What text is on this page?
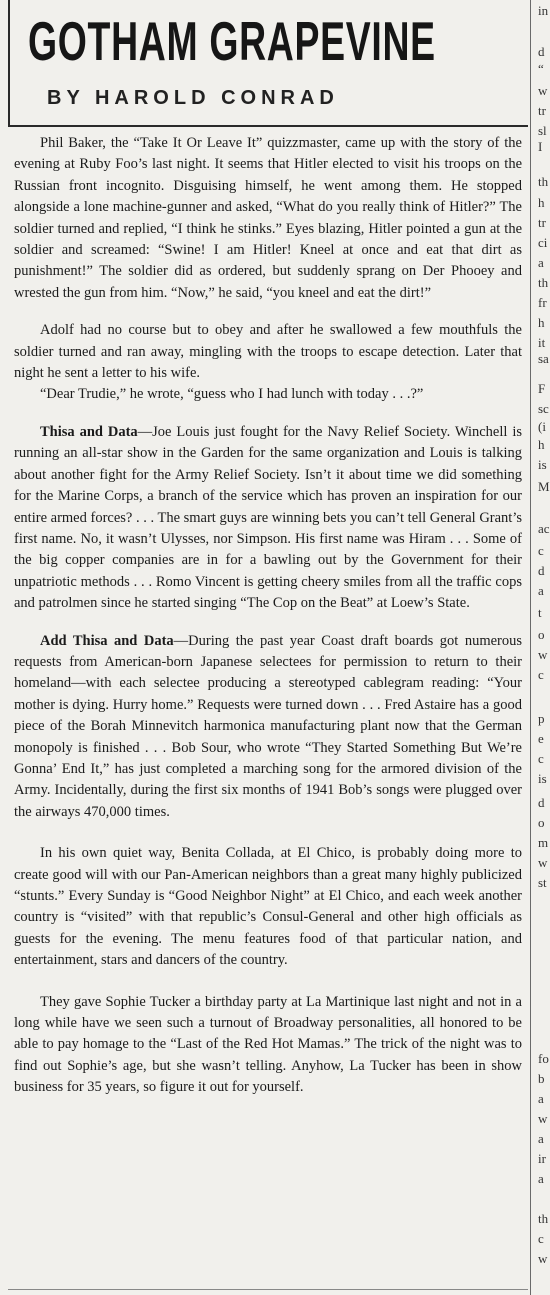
GOTHAM GRAPEVINE
BY HAROLD CONRAD

Phil Baker, the “Take It Or Leave It” quizzmaster, came up with the story of the evening at Ruby Foo’s last night. It seems that Hitler elected to visit his troops on the Russian front incognito. Disguising himself, he went among them. He stopped alongside a lone machine-gunner and asked, “What do you really think of Hitler?” The soldier turned and replied, “I think he stinks.” Eyes blazing, Hitler pointed a gun at the soldier and screamed: “Swine! I am Hitler! Kneel at once and eat that dirt as punishment!” The soldier did as ordered, but suddenly sprang on Der Phooey and wrested the gun from him. “Now,” he said, “you kneel and eat the dirt!”

Adolf had no course but to obey and after he swallowed a few mouthfuls the soldier turned and ran away, mingling with the troops to escape detection. Later that night he sent a letter to his wife.

“Dear Trudie,” he wrote, “guess who I had lunch with today . . .?”

Thisa and Data—Joe Louis just fought for the Navy Relief Society. Winchell is running an all-star show in the Garden for the same organization and Louis is talking about another fight for the Army Relief Society. Isn’t it about time we did something for the Marine Corps, a branch of the service which has proven an inspiration for our entire armed forces? . . . The smart guys are winning bets you can’t tell General Grant’s first name. No, it wasn’t Ulysses, nor Simpson. His first name was Hiram . . . Some of the big copper companies are in for a bawling out by the Government for their unpatriotic methods . . . Romo Vincent is getting cheery smiles from all the traffic cops and patrolmen since he started singing “The Cop on the Beat” at Loew’s State.

Add Thisa and Data—During the past year Coast draft boards got numerous requests from American-born Japanese selectees for permission to return to their homeland—with each selectee producing a stereotyped cablegram reading: “Your mother is dying. Hurry home.” Requests were turned down . . . Fred Astaire has a good piece of the Borah Minnevitch harmonica manufacturing plant now that the German monopoly is finished . . . Bob Sour, who wrote “They Started Something But We’re Gonna’ End It,” has just completed a marching song for the armored division of the Army. Incidentally, during the first six months of 1941 Bob’s songs were plugged over the airways 470,000 times.

In his own quiet way, Benita Collada, at El Chico, is probably doing more to create good will with our Pan-American neighbors than a great many highly publicized “stunts.” Every Sunday is “Good Neighbor Night” at El Chico, and each week another country is “visited” with that republic’s Consul-General and other high officials as guests for the evening. The menu features food of that particular nation, and entertainment, stars and dancers of the country.

They gave Sophie Tucker a birthday party at La Martinique last night and not in a long while have we seen such a turnout of Broadway personalities, all honored to be able to pay homage to the “Last of the Red Hot Mamas.” The trick of the night was to find out Sophie’s age, but she wasn’t telling. Anyhow, La Tucker has been in show business for 35 years, so figure it out for yourself.

in
d
“
w
tr
sl
I
th
h
tr
ci
a
th
fr
h
it
sa
F
sc
(i
h
is
M
ac
c
d
a
t
o
w
c
p
e
c
is
d
o
m
w
st
fo
b
a
w
a
ir
a
th
c
w
